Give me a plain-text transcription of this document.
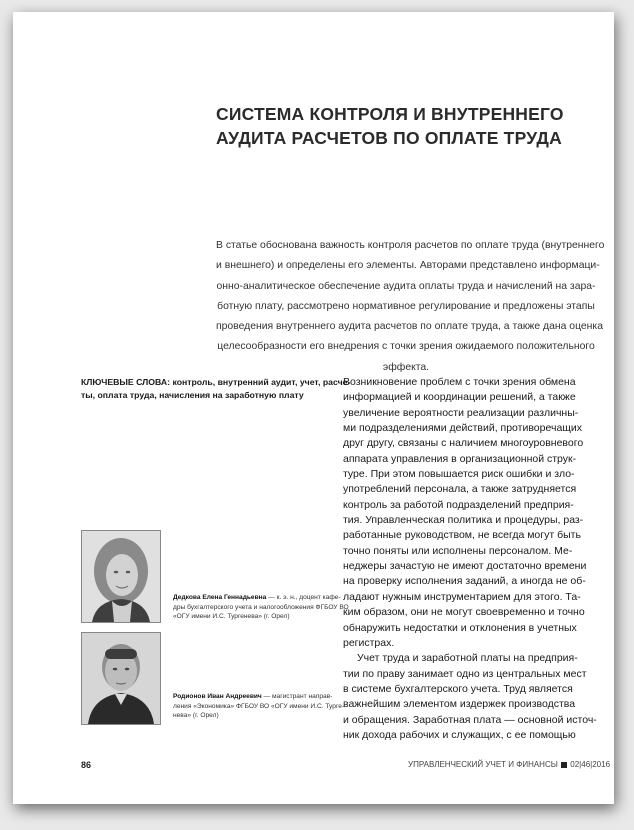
СИСТЕМА КОНТРОЛЯ И ВНУТРЕННЕГО
АУДИТА РАСЧЕТОВ ПО ОПЛАТЕ ТРУДА
В статье обоснована важность контроля расчетов по оплате труда (внутреннего
и внешнего) и определены его элементы. Авторами представлено информаци-
онно-аналитическое обеспечение аудита оплаты труда и начислений на зара-
ботную плату, рассмотрено нормативное регулирование и предложены этапы
проведения внутреннего аудита расчетов по оплате труда, а также дана оценка
целесообразности его внедрения с точки зрения ожидаемого положительного
эффекта.
КЛЮЧЕВЫЕ СЛОВА: контроль, внутренний аудит, учет, расче-
ты, оплата труда, начисления на заработную плату
Дедкова Елена Геннадьевна — к. э. н., доцент кафе-
дры бухгалтерского учета и налогообложения ФГБОУ ВО
«ОГУ имени И.С. Тургенева» (г. Орел)
Родионов Иван Андреевич — магистрант направ-
ления «Экономика» ФГБОУ ВО «ОГУ имени И.С. Турге-
нева» (г. Орел)
Возникновение проблем с точки зрения обмена
информацией и координации решений, а также
увеличение вероятности реализации различны-
ми подразделениями действий, противоречащих
друг другу, связаны с наличием многоуровневого
аппарата управления в организационной струк-
туре. При этом повышается риск ошибки и зло-
употреблений персонала, а также затрудняется
контроль за работой подразделений предприя-
тия. Управленческая политика и процедуры, раз-
работанные руководством, не всегда могут быть
точно поняты или исполнены персоналом. Ме-
неджеры зачастую не имеют достаточно времени
на проверку исполнения заданий, а иногда не об-
ладают нужным инструментарием для этого. Та-
ким образом, они не могут своевременно и точно
обнаружить недостатки и отклонения в учетных
регистрах.
Учет труда и заработной платы на предприя-
тии по праву занимает одно из центральных мест
в системе бухгалтерского учета. Труд является
важнейшим элементом издержек производства
и обращения. Заработная плата — основной источ-
ник дохода рабочих и служащих, с ее помощью
86	УПРАВЛЕНЧЕСКИЙ УЧЕТ И ФИНАНСЫ  02|46|2016
